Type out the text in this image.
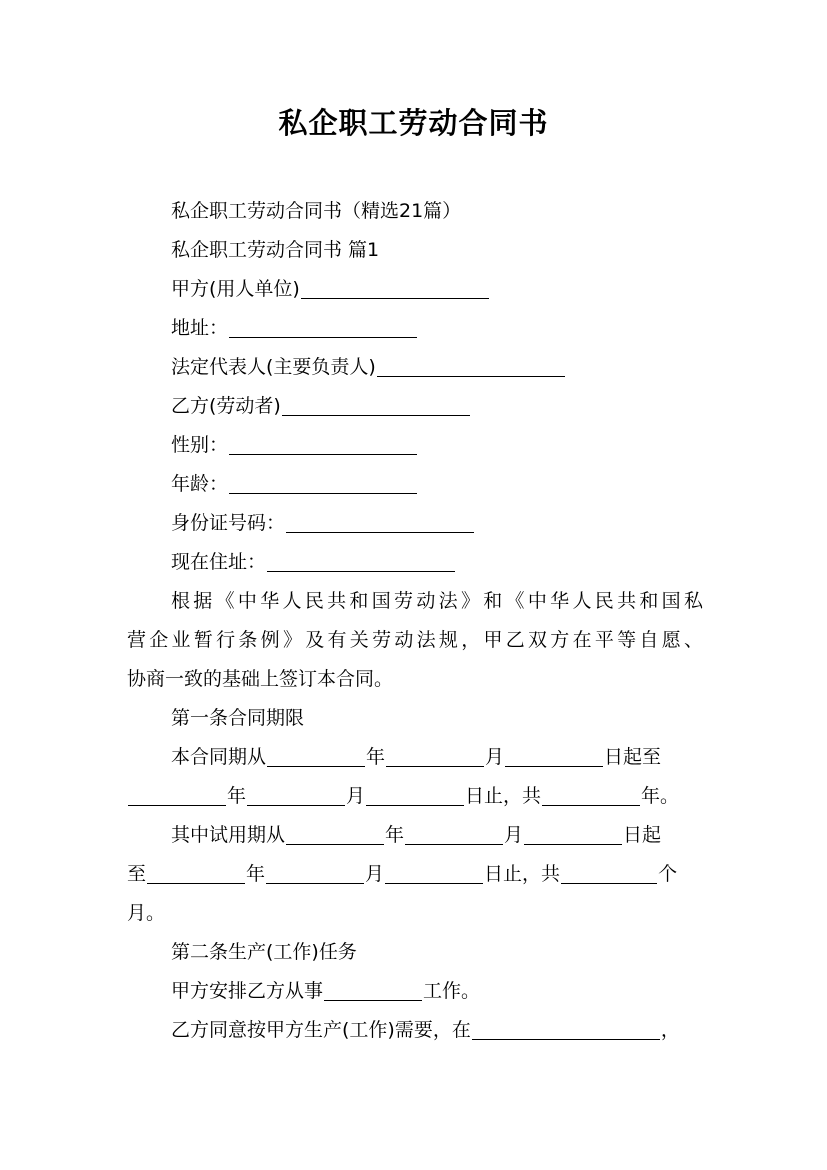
私企职工劳动合同书
私企职工劳动合同书（精选21篇）
私企职工劳动合同书 篇1
甲方(用人单位)
地址：
法定代表人(主要负责人)
乙方(劳动者)
性别：
年龄：
身份证号码：
现在住址：
根据《中华人民共和国劳动法》和《中华人民共和国私
营企业暂行条例》及有关劳动法规，甲乙双方在平等自愿、
协商一致的基础上签订本合同。
第一条合同期限
本合同期从	年	月	日起至
年	月	日止，共	年。
其中试用期从	年	月	日起
至	年	月	日止，共	个
月。
第二条生产(工作)任务
甲方安排乙方从事	工作。
乙方同意按甲方生产(工作)需要，在	，
